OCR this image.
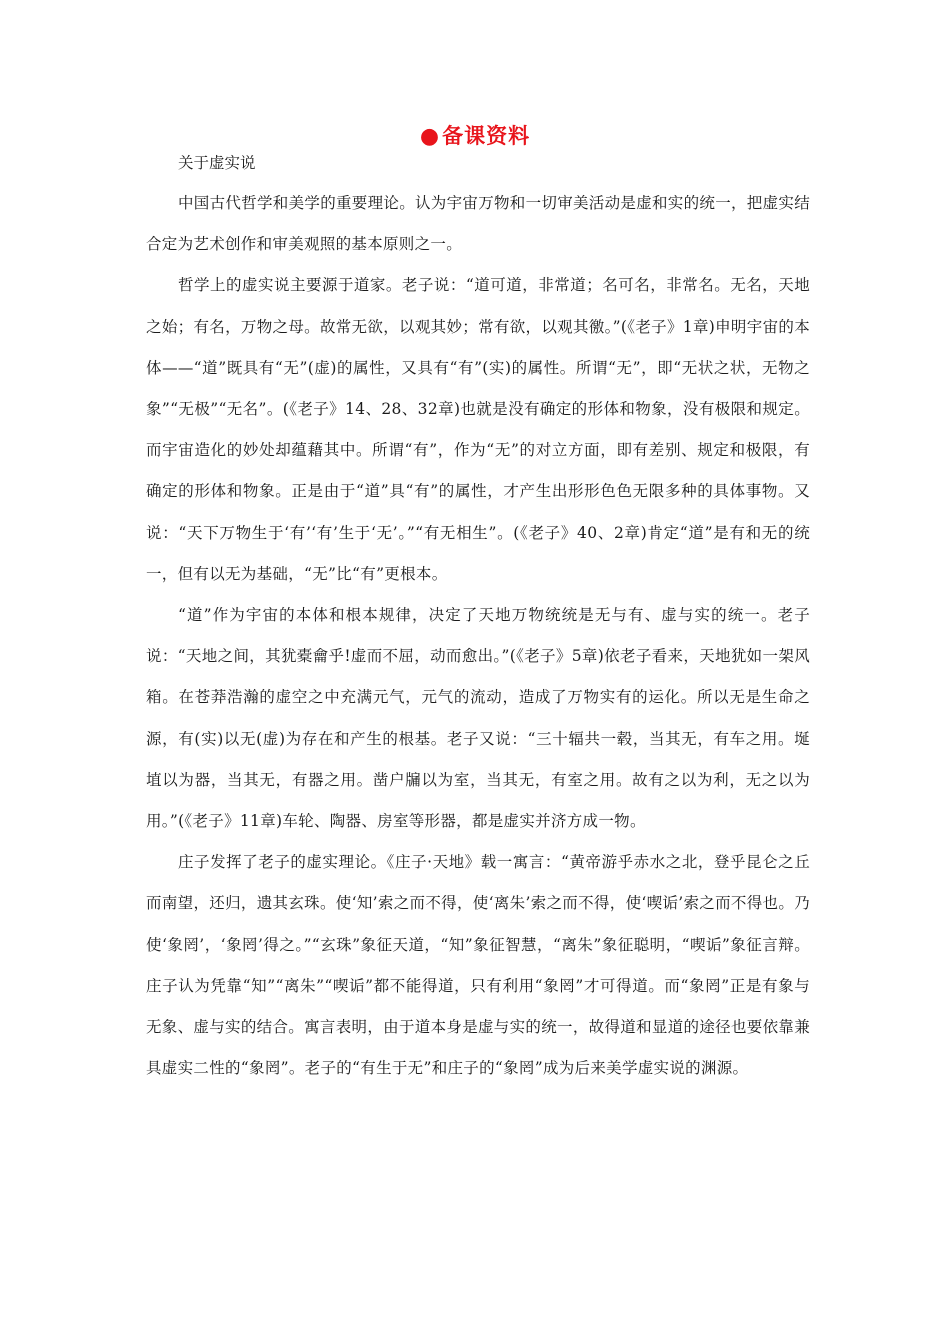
●备课资料
关于虚实说

中国古代哲学和美学的重要理论。认为宇宙万物和一切审美活动是虚和实的统一，把虚实结合定为艺术创作和审美观照的基本原则之一。

哲学上的虚实说主要源于道家。老子说：“道可道，非常道；名可名，非常名。无名，天地之始；有名，万物之母。故常无欲，以观其妙；常有欲，以观其徼。”(《老子》1章)申明宇宙的本体——“道”既具有“无”(虚)的属性，又具有“有”(实)的属性。所谓“无”，即“无状之状，无物之象”“无极”“无名”。(《老子》14、28、32章)也就是没有确定的形体和物象，没有极限和规定。而宇宙造化的妙处却蕴藉其中。所谓“有”，作为“无”的对立方面，即有差别、规定和极限，有确定的形体和物象。正是由于“道”具“有”的属性，才产生出形形色色无限多种的具体事物。又说：“天下万物生于‘有’‘有’生于‘无’。”“有无相生”。(《老子》40、2章)肯定“道”是有和无的统一，但有以无为基础，“无”比“有”更根本。

“道”作为宇宙的本体和根本规律，决定了天地万物统统是无与有、虚与实的统一。老子说：“天地之间，其犹橐龠乎!虚而不屈，动而愈出。”(《老子》5章)依老子看来，天地犹如一架风箱。在苍莽浩瀚的虚空之中充满元气，元气的流动，造成了万物实有的运化。所以无是生命之源，有(实)以无(虚)为存在和产生的根基。老子又说：“三十辐共一毂，当其无，有车之用。埏埴以为器，当其无，有器之用。凿户牖以为室，当其无，有室之用。故有之以为利，无之以为用。”(《老子》11章)车轮、陶器、房室等形器，都是虚实并济方成一物。

庄子发挥了老子的虚实理论。《庄子·天地》载一寓言：“黄帝游乎赤水之北，登乎昆仑之丘而南望，还归，遗其玄珠。使‘知’索之而不得，使‘离朱’索之而不得，使‘喫诟’索之而不得也。乃使‘象罔’，‘象罔’得之。”“玄珠”象征天道，“知”象征智慧，“离朱”象征聪明，“喫诟”象征言辩。庄子认为凭靠“知”“离朱”“喫诟”都不能得道，只有利用“象罔”才可得道。而“象罔”正是有象与无象、虚与实的结合。寓言表明，由于道本身是虚与实的统一，故得道和显道的途径也要依靠兼具虚实二性的“象罔”。老子的“有生于无”和庄子的“象罔”成为后来美学虚实说的渊源。
